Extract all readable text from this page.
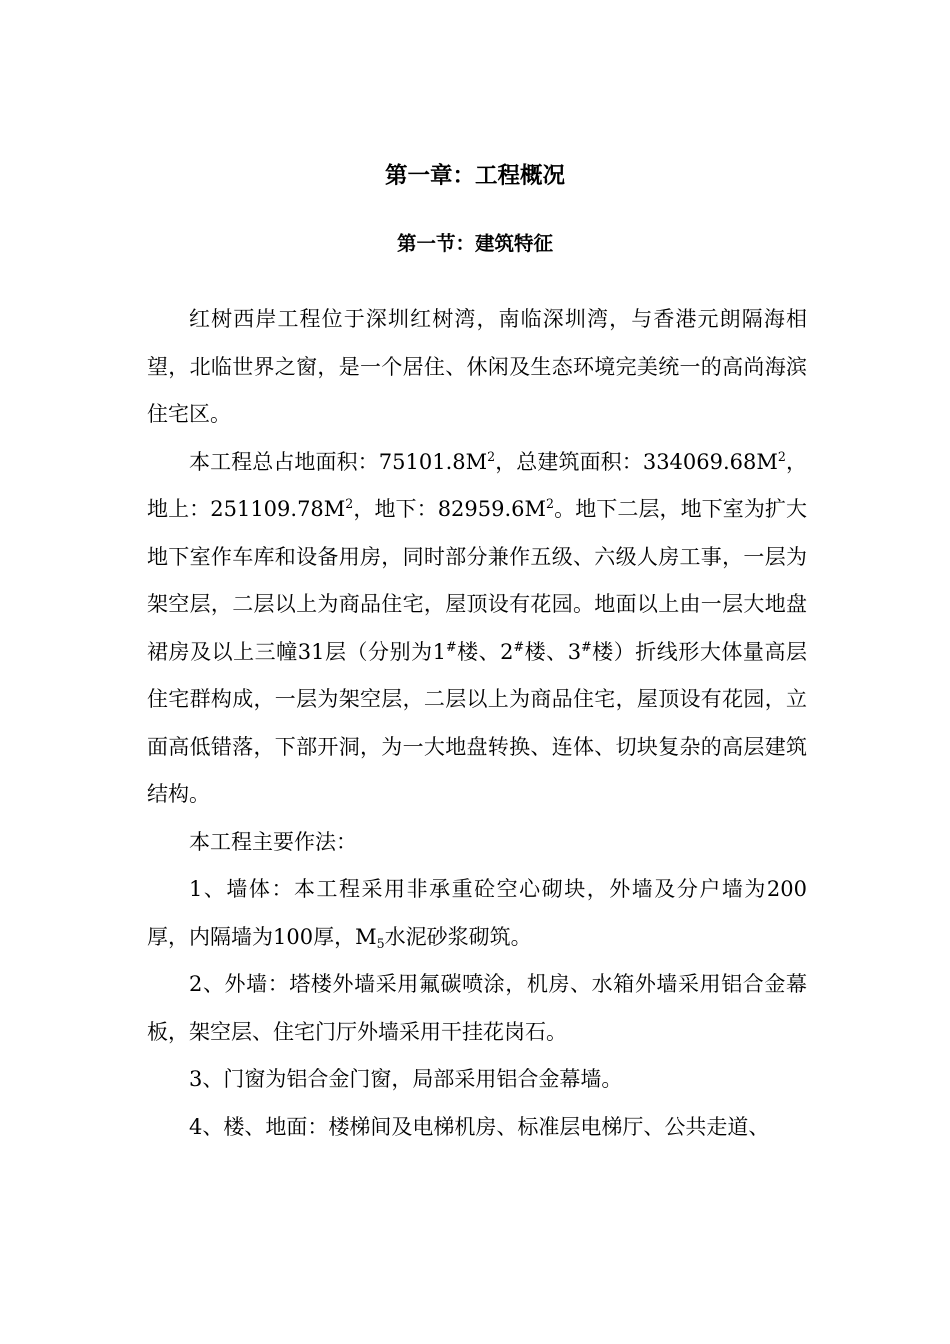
第一章：工程概况
第一节：建筑特征

红树西岸工程位于深圳红树湾，南临深圳湾，与香港元朗隔海相望，北临世界之窗，是一个居住、休闲及生态环境完美统一的高尚海滨住宅区。

本工程总占地面积：$75101.8M^2$，总建筑面积：$334069.68M^2$，地上：$251109.78M^2$，地下：$82959.6M^2$。地下二层，地下室为扩大地下室作车库和设备用房，同时部分兼作五级、六级人房工事，一层为架空层，二层以上为商品住宅，屋顶设有花园。地面以上由一层大地盘裙房及以上三幢31层（分别为1#楼、2#楼、3#楼）折线形大体量高层住宅群构成，一层为架空层，二层以上为商品住宅，屋顶设有花园，立面高低错落，下部开洞，为一大地盘转换、连体、切块复杂的高层建筑结构。

本工程主要作法：

1、墙体：本工程采用非承重砼空心砌块，外墙及分户墙为200厚，内隔墙为100厚，$M_5$水泥砂浆砌筑。

2、外墙：塔楼外墙采用氟碳喷涂，机房、水箱外墙采用铝合金幕板，架空层、住宅门厅外墙采用干挂花岗石。

3、门窗为铝合金门窗，局部采用铝合金幕墙。

4、楼、地面：楼梯间及电梯机房、标准层电梯厅、公共走道、
